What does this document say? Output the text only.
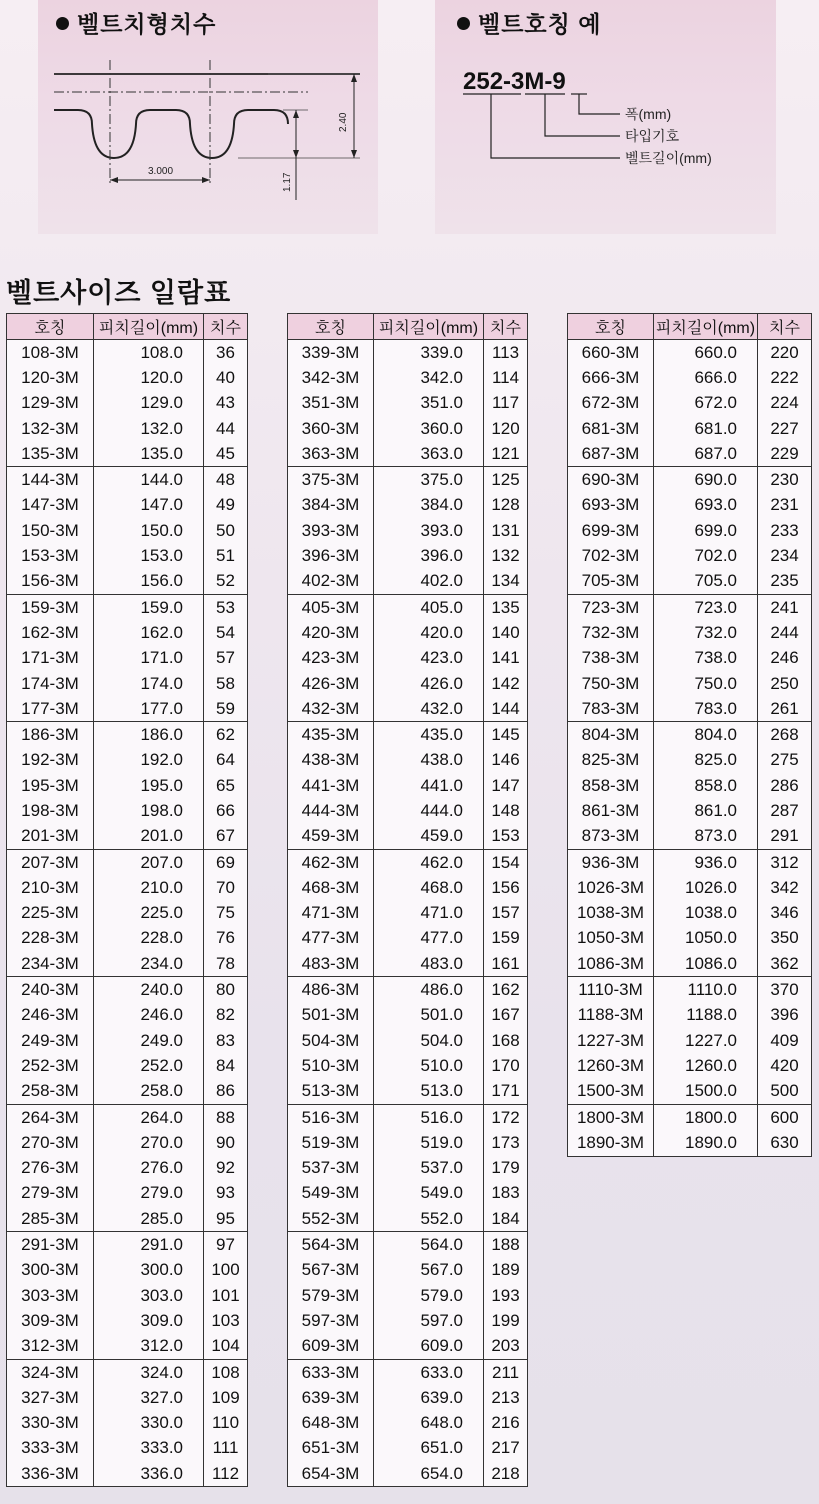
벨트치형치수
3.000
2.40
1.17
벨트호칭 예
252-3M-9
폭(mm)
타입기호
벨트길이(mm)
벨트사이즈 일람표
호칭	피치길이(mm)	치수
108-3M	108.0	36
120-3M	120.0	40
129-3M	129.0	43
132-3M	132.0	44
135-3M	135.0	45
144-3M	144.0	48
147-3M	147.0	49
150-3M	150.0	50
153-3M	153.0	51
156-3M	156.0	52
159-3M	159.0	53
162-3M	162.0	54
171-3M	171.0	57
174-3M	174.0	58
177-3M	177.0	59
186-3M	186.0	62
192-3M	192.0	64
195-3M	195.0	65
198-3M	198.0	66
201-3M	201.0	67
207-3M	207.0	69
210-3M	210.0	70
225-3M	225.0	75
228-3M	228.0	76
234-3M	234.0	78
240-3M	240.0	80
246-3M	246.0	82
249-3M	249.0	83
252-3M	252.0	84
258-3M	258.0	86
264-3M	264.0	88
270-3M	270.0	90
276-3M	276.0	92
279-3M	279.0	93
285-3M	285.0	95
291-3M	291.0	97
300-3M	300.0	100
303-3M	303.0	101
309-3M	309.0	103
312-3M	312.0	104
324-3M	324.0	108
327-3M	327.0	109
330-3M	330.0	110
333-3M	333.0	111
336-3M	336.0	112
호칭	피치길이(mm)	치수
339-3M	339.0	113
342-3M	342.0	114
351-3M	351.0	117
360-3M	360.0	120
363-3M	363.0	121
375-3M	375.0	125
384-3M	384.0	128
393-3M	393.0	131
396-3M	396.0	132
402-3M	402.0	134
405-3M	405.0	135
420-3M	420.0	140
423-3M	423.0	141
426-3M	426.0	142
432-3M	432.0	144
435-3M	435.0	145
438-3M	438.0	146
441-3M	441.0	147
444-3M	444.0	148
459-3M	459.0	153
462-3M	462.0	154
468-3M	468.0	156
471-3M	471.0	157
477-3M	477.0	159
483-3M	483.0	161
486-3M	486.0	162
501-3M	501.0	167
504-3M	504.0	168
510-3M	510.0	170
513-3M	513.0	171
516-3M	516.0	172
519-3M	519.0	173
537-3M	537.0	179
549-3M	549.0	183
552-3M	552.0	184
564-3M	564.0	188
567-3M	567.0	189
579-3M	579.0	193
597-3M	597.0	199
609-3M	609.0	203
633-3M	633.0	211
639-3M	639.0	213
648-3M	648.0	216
651-3M	651.0	217
654-3M	654.0	218
호칭	피치길이(mm)	치수
660-3M	660.0	220
666-3M	666.0	222
672-3M	672.0	224
681-3M	681.0	227
687-3M	687.0	229
690-3M	690.0	230
693-3M	693.0	231
699-3M	699.0	233
702-3M	702.0	234
705-3M	705.0	235
723-3M	723.0	241
732-3M	732.0	244
738-3M	738.0	246
750-3M	750.0	250
783-3M	783.0	261
804-3M	804.0	268
825-3M	825.0	275
858-3M	858.0	286
861-3M	861.0	287
873-3M	873.0	291
936-3M	936.0	312
1026-3M	1026.0	342
1038-3M	1038.0	346
1050-3M	1050.0	350
1086-3M	1086.0	362
1110-3M	1110.0	370
1188-3M	1188.0	396
1227-3M	1227.0	409
1260-3M	1260.0	420
1500-3M	1500.0	500
1800-3M	1800.0	600
1890-3M	1890.0	630
